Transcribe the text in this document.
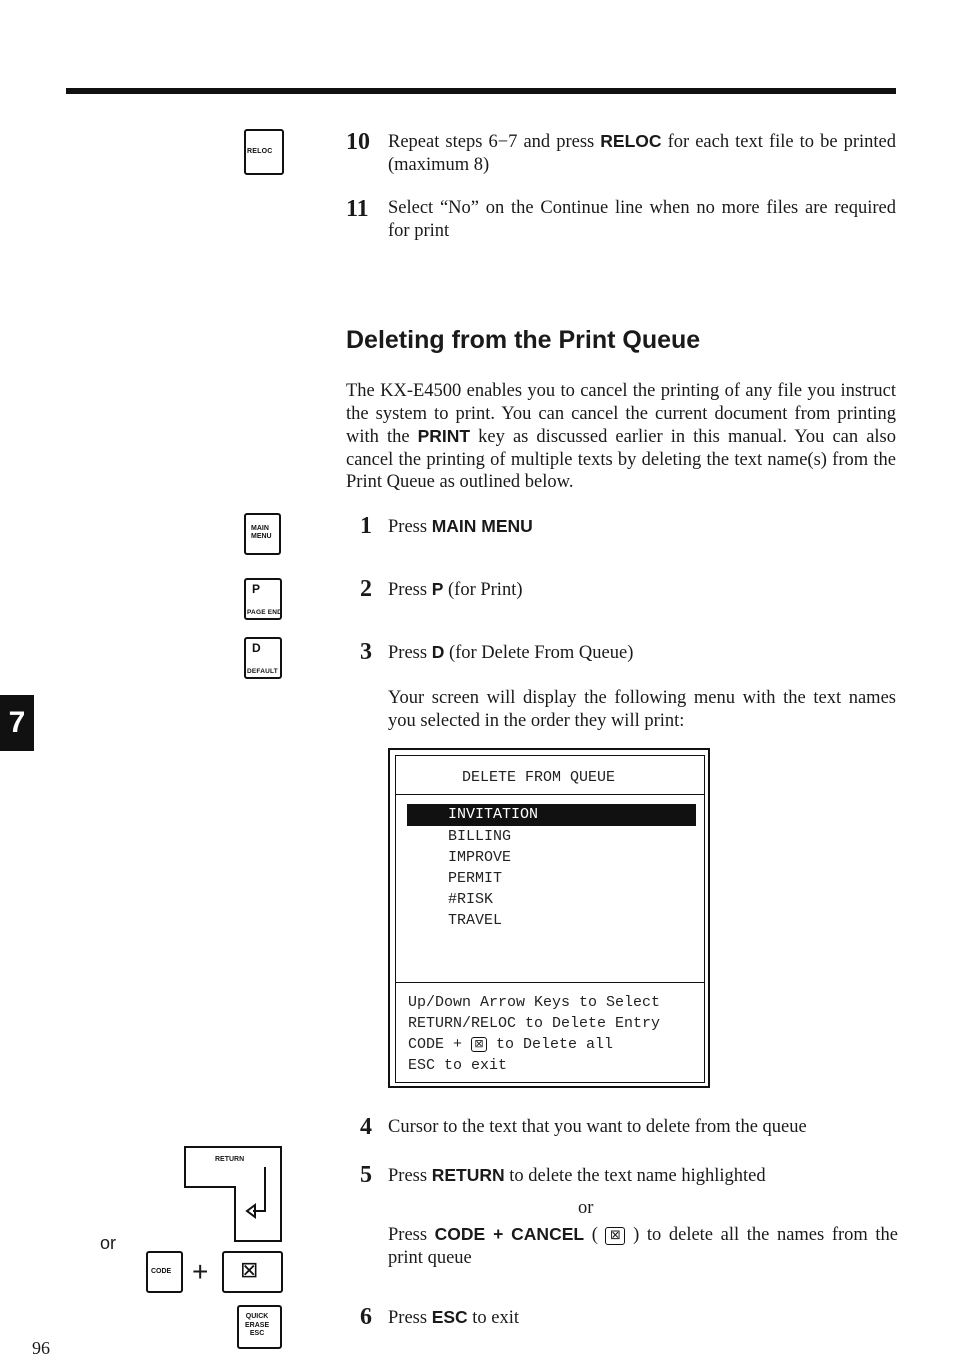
RELOC	10 Repeat steps 6−7 and press RELOC for each text file to be printed (maximum 8)
11 Select “No” on the Continue line when no more files are required for print
Deleting from the Print Queue
The KX-E4500 enables you to cancel the printing of any file you instruct the system to print. You can cancel the current document from printing with the PRINT key as discussed earlier in this manual. You can also cancel the printing of multiple texts by deleting the text name(s) from the Print Queue as outlined below.
MAIN
MENU	1 Press MAIN MENU
P
PAGE END
2 Press P (for Print)
D
DEFAULT
3 Press D (for Delete From Queue)
Your screen will display the following menu with the text names you selected in the order they will print:
7
DELETE FROM QUEUE
INVITATION
BILLING
IMPROVE
PERMIT
#RISK
TRAVEL
Up/Down Arrow Keys to Select
RETURN/RELOC to Delete Entry
CODE + ⊠ to Delete all
ESC to exit
4 Cursor to the text that you want to delete from the queue
5 Press RETURN to delete the text name highlighted
or
Press CODE + CANCEL ( ⊠ ) to delete all the names from the print queue
6 Press ESC to exit
RETURN
or
CODE + ⊠
QUICK
ERASE
ESC
96
